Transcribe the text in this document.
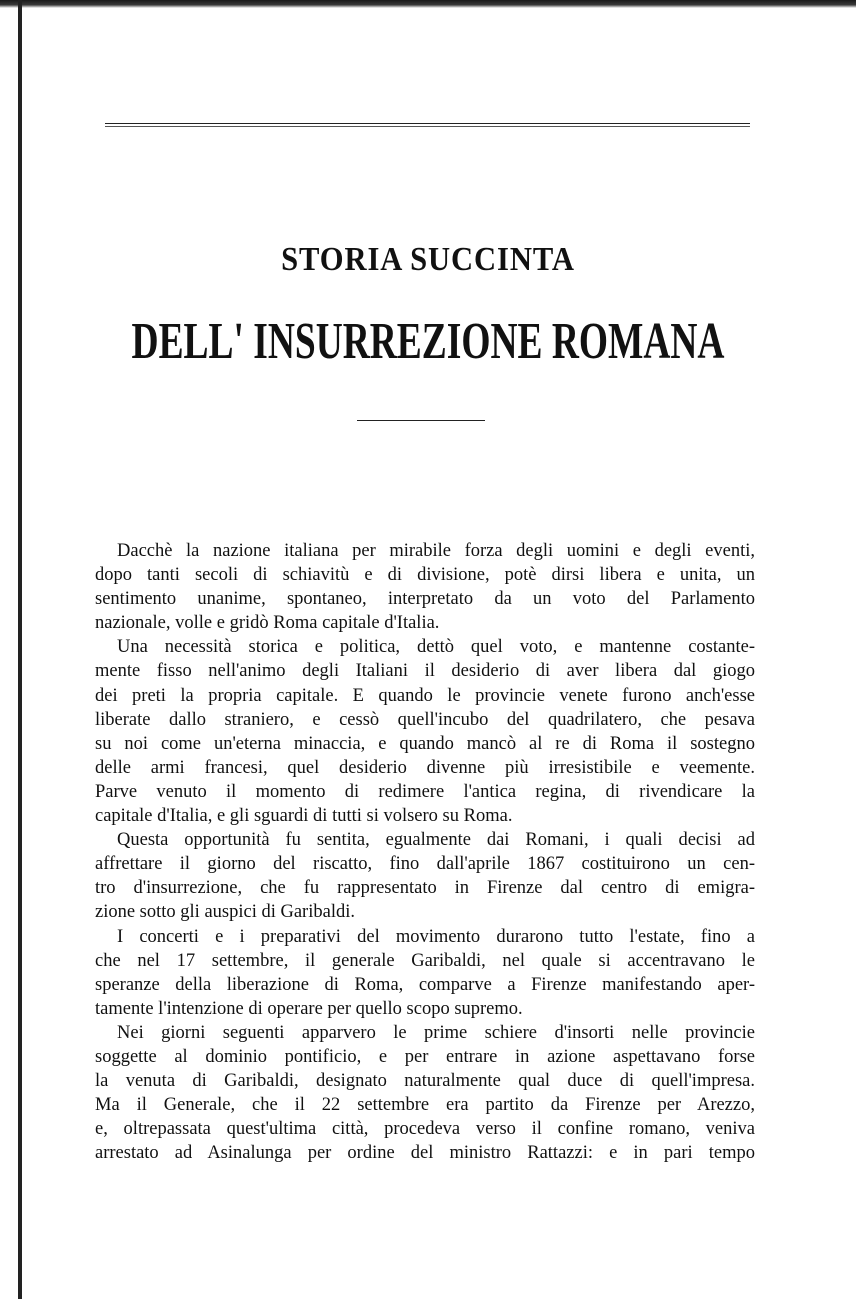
STORIA SUCCINTA
DELL' INSURREZIONE ROMANA
Dacchè la nazione italiana per mirabile forza degli uomini e degli eventi,
dopo tanti secoli di schiavitù e di divisione, potè dirsi libera e unita, un
sentimento unanime, spontaneo, interpretato da un voto del Parlamento
nazionale, volle e gridò Roma capitale d'Italia.
Una necessità storica e politica, dettò quel voto, e mantenne costante-
mente fisso nell'animo degli Italiani il desiderio di aver libera dal giogo
dei preti la propria capitale. E quando le provincie venete furono anch'esse
liberate dallo straniero, e cessò quell'incubo del quadrilatero, che pesava
su noi come un'eterna minaccia, e quando mancò al re di Roma il sostegno
delle armi francesi, quel desiderio divenne più irresistibile e veemente.
Parve venuto il momento di redimere l'antica regina, di rivendicare la
capitale d'Italia, e gli sguardi di tutti si volsero su Roma.
Questa opportunità fu sentita, egualmente dai Romani, i quali decisi ad
affrettare il giorno del riscatto, fino dall'aprile 1867 costituirono un cen-
tro d'insurrezione, che fu rappresentato in Firenze dal centro di emigra-
zione sotto gli auspici di Garibaldi.
I concerti e i preparativi del movimento durarono tutto l'estate, fino a
che nel 17 settembre, il generale Garibaldi, nel quale si accentravano le
speranze della liberazione di Roma, comparve a Firenze manifestando aper-
tamente l'intenzione di operare per quello scopo supremo.
Nei giorni seguenti apparvero le prime schiere d'insorti nelle provincie
soggette al dominio pontificio, e per entrare in azione aspettavano forse
la venuta di Garibaldi, designato naturalmente qual duce di quell'impresa.
Ma il Generale, che il 22 settembre era partito da Firenze per Arezzo,
e, oltrepassata quest'ultima città, procedeva verso il confine romano, veniva
arrestato ad Asinalunga per ordine del ministro Rattazzi: e in pari tempo
